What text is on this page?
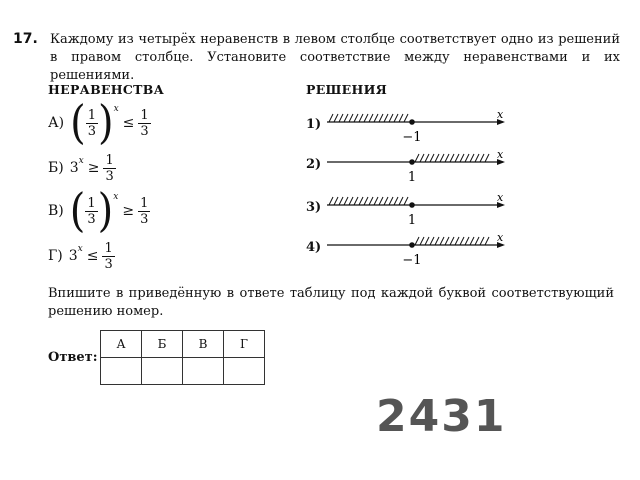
17. Каждому из четырёх неравенств в левом столбце соответствует одно из решений в правом столбце. Установите соответствие между неравенствами и их решениями.
НЕРАВЕНСТВА	РЕШЕНИЯ
А) ( $\frac{1}{3}$ ) x
≤ $\frac{1}{3}$
Б) 3 $x \ge \frac{1}{3}$
В) ( $\frac{1}{3}$ ) x
≥ $\frac{1}{3}$
Г) 3 $x \le \frac{1}{3}$
1)
2)
3)
4)
−1
x
1
x
1
x
−1
x
Впишите в приведённую в ответе таблицу под каждой буквой соответствующий решению номер.
Ответ:
А	Б	В	Г

2431
